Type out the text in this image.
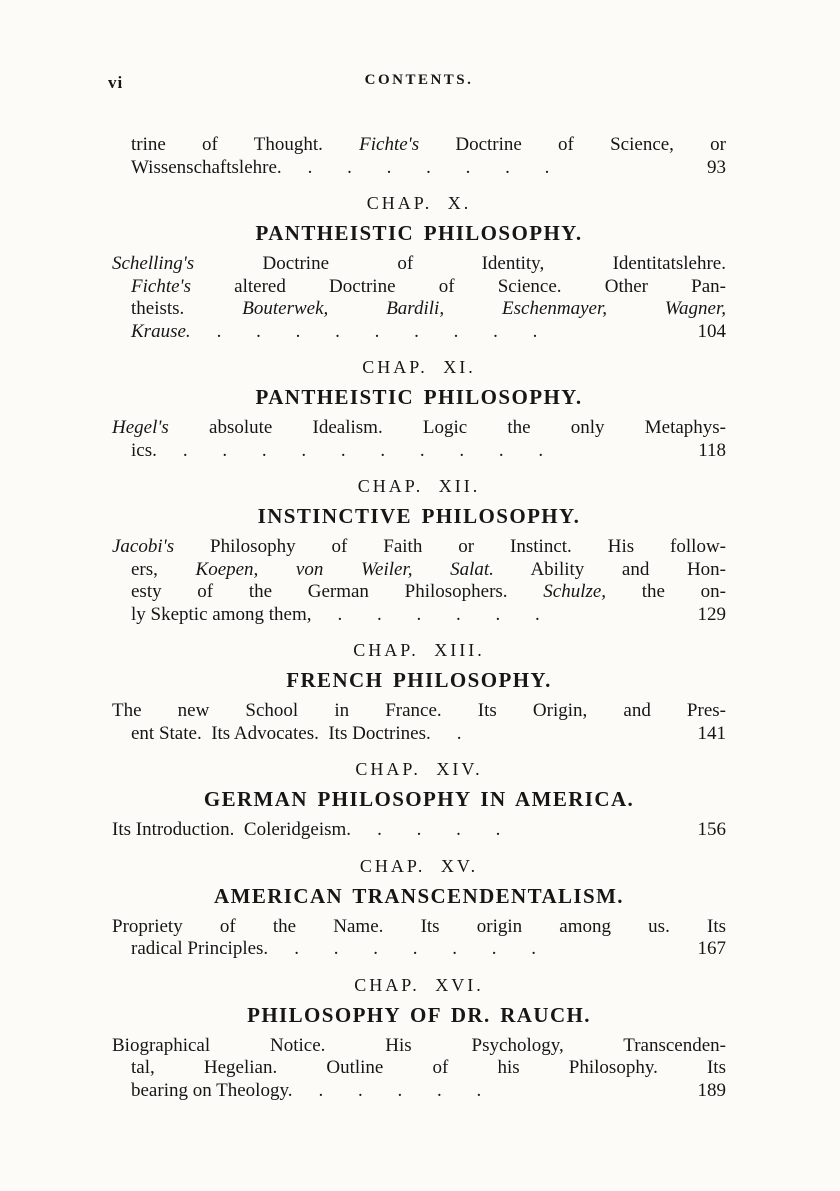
vi	CONTENTS.

trine of Thought. Fichte's Doctrine of Science, or

Wissenschaftslehre.	. . . . . . .	93

CHAP. X.

PANTHEISTIC PHILOSOPHY.

Schelling's Doctrine of Identity, Identitatslehre.

Fichte's altered Doctrine of Science. Other Pan-

theists. Bouterwek, Bardili, Eschenmayer, Wagner,

Krause.	. . . . . . . . .	104

CHAP. XI.

PANTHEISTIC PHILOSOPHY.

Hegel's absolute Idealism. Logic the only Metaphys-

ics.	. . . . . . . . . .	118

CHAP. XII.

INSTINCTIVE PHILOSOPHY.

Jacobi's Philosophy of Faith or Instinct. His follow-

ers, Koepen, von Weiler, Salat. Ability and Hon-

esty of the German Philosophers. Schulze, the on-

ly Skeptic among them,	. . . . . .	129

CHAP. XIII.

FRENCH PHILOSOPHY.

The new School in France. Its Origin, and Pres-

ent State.  Its Advocates.  Its Doctrines.	.	141

CHAP. XIV.

GERMAN PHILOSOPHY IN AMERICA.

Its Introduction.  Coleridgeism.	. . . .	156

CHAP. XV.

AMERICAN TRANSCENDENTALISM.

Propriety of the Name. Its origin among us. Its

radical Principles.	. . . . . . .	167

CHAP. XVI.

PHILOSOPHY OF DR. RAUCH.

Biographical Notice. His Psychology, Transcenden-

tal, Hegelian. Outline of his Philosophy. Its

bearing on Theology.	. . . . .	189
